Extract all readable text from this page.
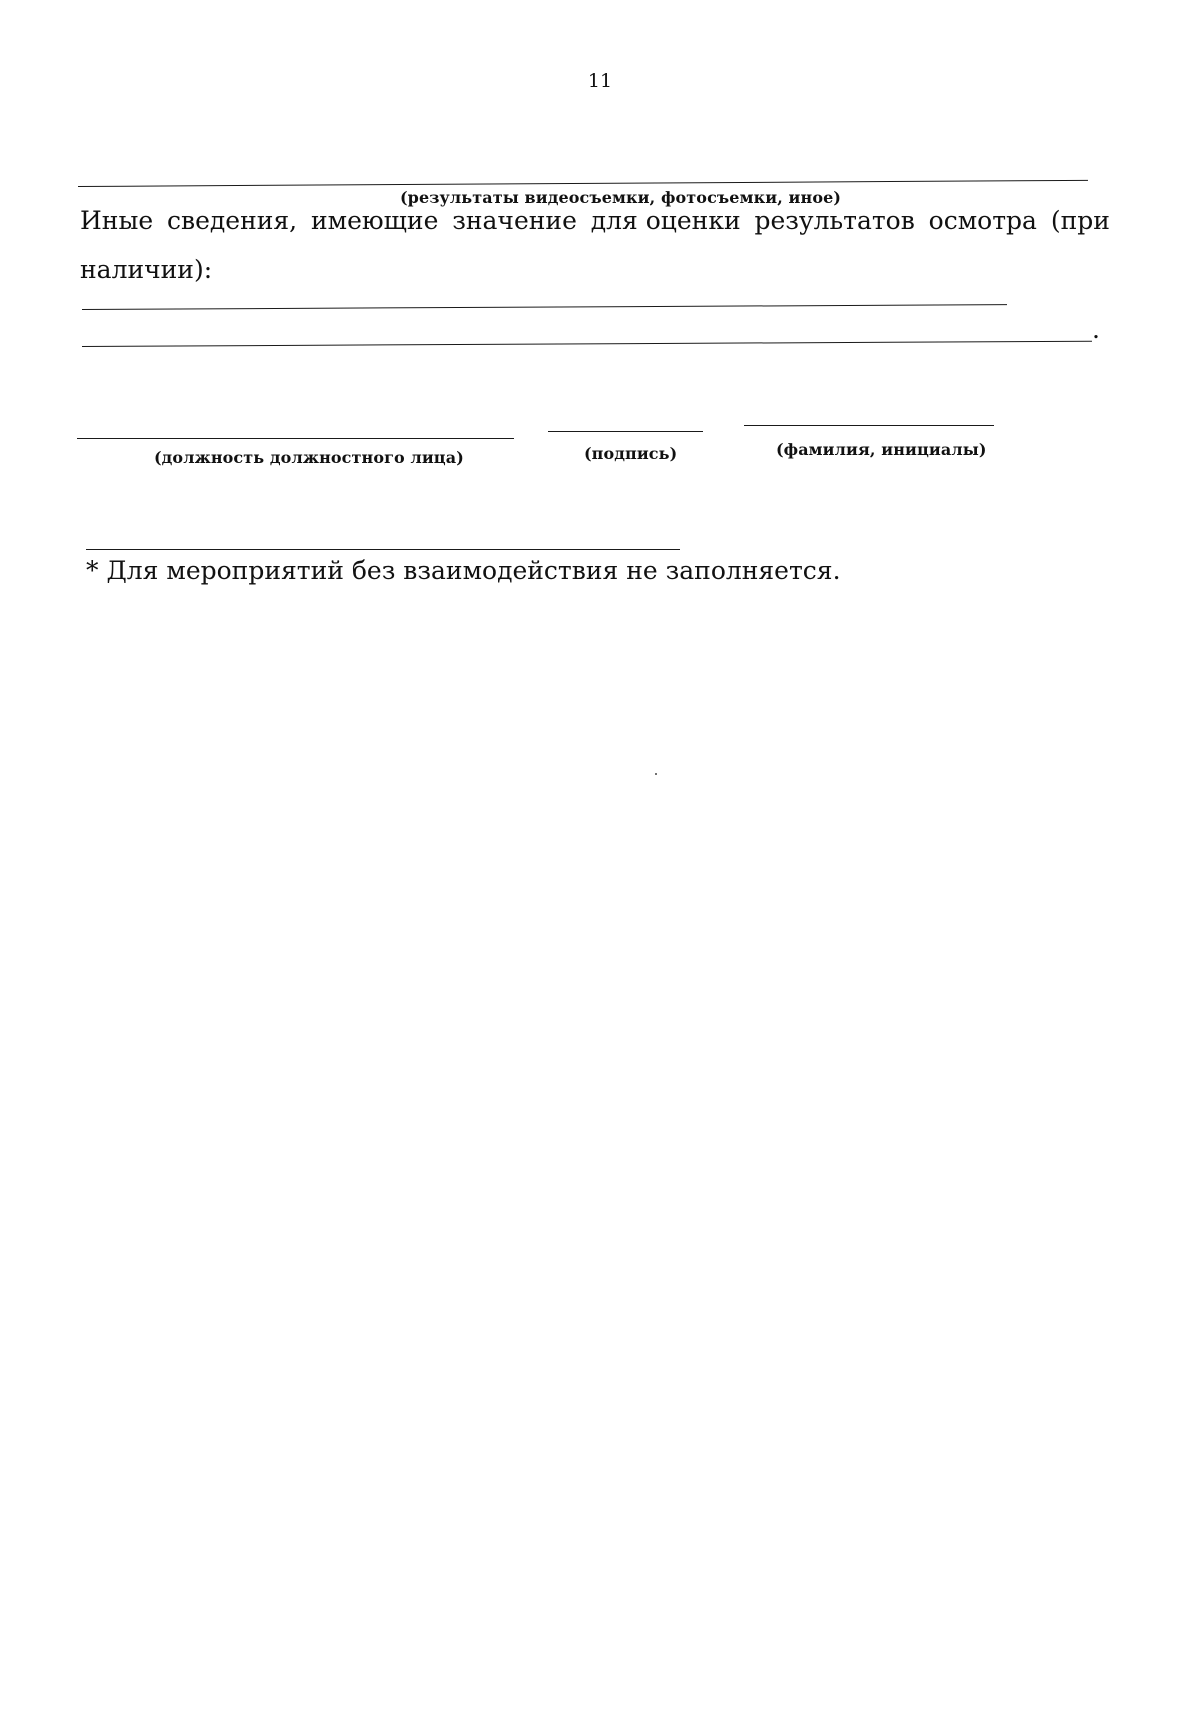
11
(результаты видеосъемки, фотосъемки, иное)
Иные сведения, имеющие значение для оценки результатов осмотра (при
наличии):
.
(должность должностного лица)	(подпись)	(фамилия, инициалы)
* Для мероприятий без взаимодействия не заполняется.
